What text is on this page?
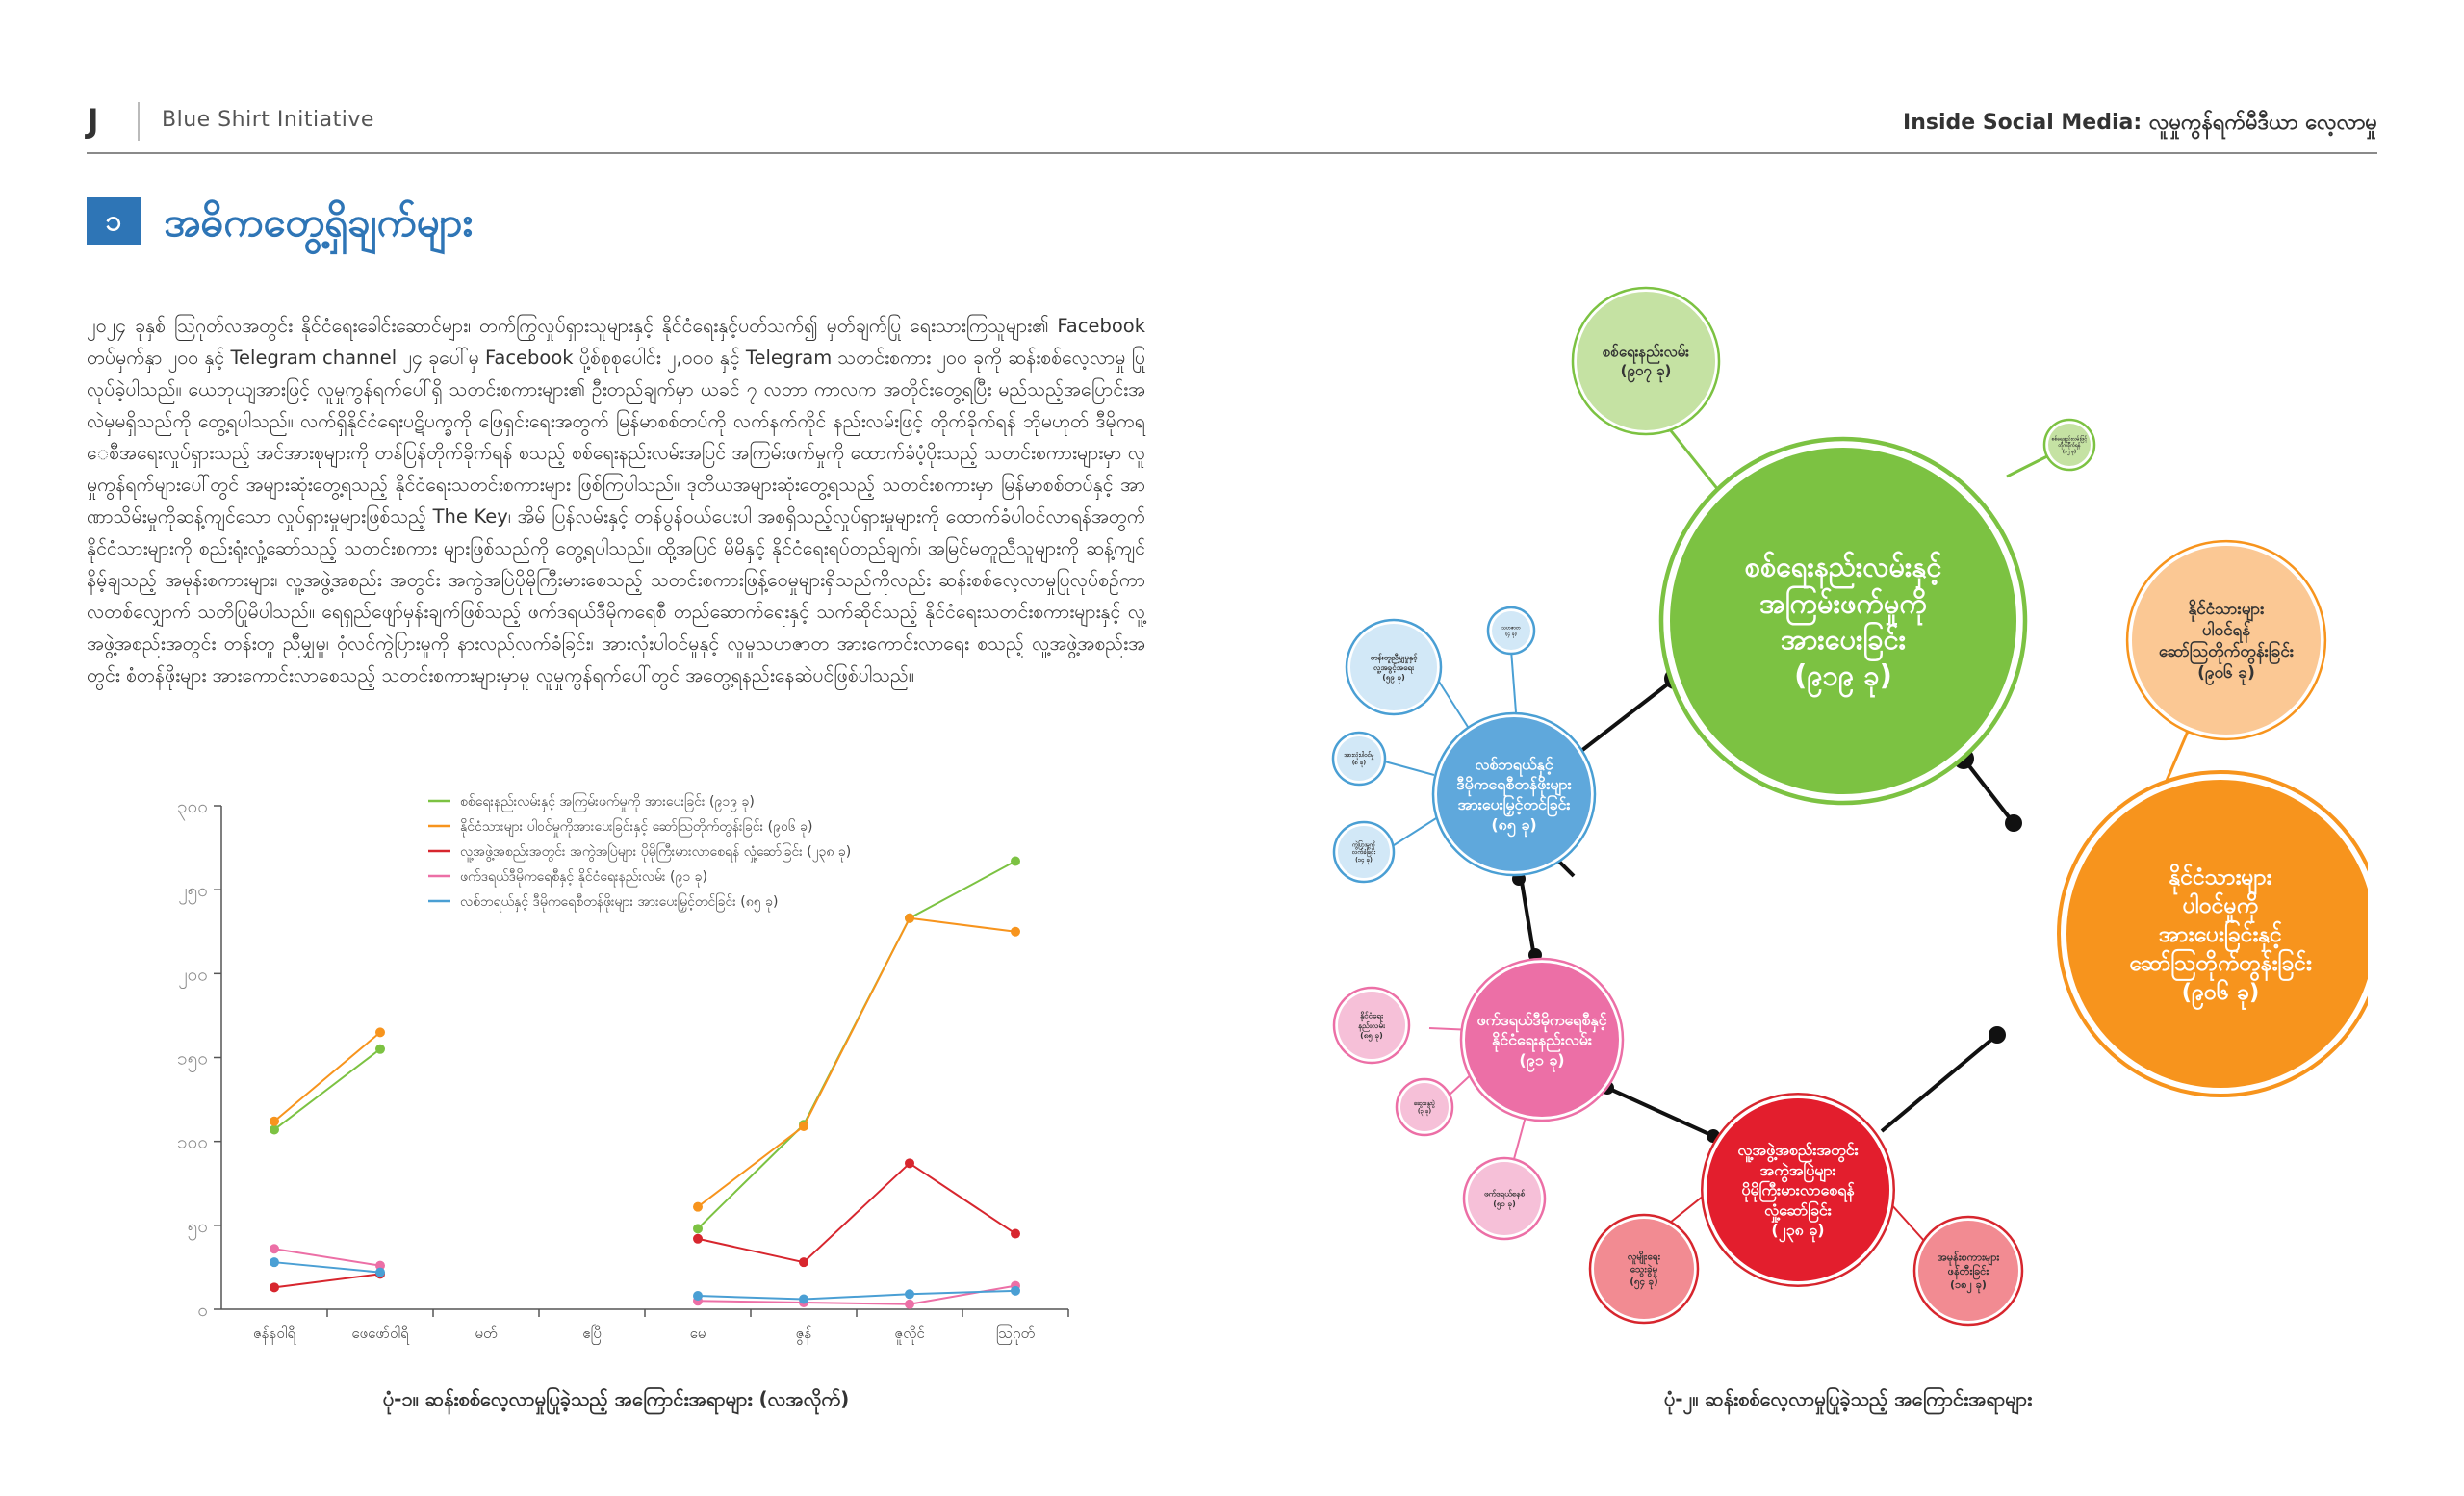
J	Blue Shirt Initiative	Inside Social Media: လူမှုကွန်ရက်မီဒီယာ လေ့လာမှု
၁	အဓိကတွေ့ရှိချက်များ
၂၀၂၄ ခုနှစ် ဩဂုတ်လအတွင်း နိုင်ငံရေးခေါင်းဆောင်များ၊ တက်ကြွလှုပ်ရှားသူများနှင့် နိုင်ငံရေးနှင့်ပတ်သက်၍ မှတ်ချက်ပြု ရေးသားကြသူများ၏ Facebook တပ်မှက်နှာ ၂၀၀ နှင့် Telegram channel ၂၄ ခုပေါ်မှ Facebook ပို့စ်စုစုပေါင်း ၂,၀၀၀ နှင့် Telegram သတင်းစကား ၂၀၀ ခုကို ဆန်းစစ်လေ့လာမှု ပြုလုပ်ခဲ့ပါသည်။ ယေဘုယျအားဖြင့် လူမှုကွန်ရက်ပေါ်ရှိ သတင်းစကားများ၏ ဦးတည်ချက်မှာ ယခင် ၇ လတာ ကာလက အတိုင်းတွေ့ရပြီး မည်သည့်အပြောင်းအလဲမှမရှိသည်ကို တွေ့ရပါသည်။ လက်ရှိနိုင်ငံရေးပဋိပက္ခကို ဖြေရှင်းရေးအတွက် မြန်မာစစ်တပ်ကို လက်နက်ကိုင် နည်းလမ်းဖြင့် တိုက်ခိုက်ရန် ဘိုမဟုတ် ဒီမိုကရေစီအရေးလှုပ်ရှားသည့် အင်အားစုများကို တန်ပြန်တိုက်ခိုက်ရန် စသည့် စစ်ရေးနည်းလမ်းအပြင် အကြမ်းဖက်မှုကို ထောက်ခံပံ့ပိုးသည့် သတင်းစကားများမှာ လူမှုကွန်ရက်များပေါ်တွင် အများဆုံးတွေ့ရသည့် နိုင်ငံရေးသတင်းစကားများ ဖြစ်ကြပါသည်။ ဒုတိယအများဆုံးတွေ့ရသည့် သတင်းစကားမှာ မြန်မာစစ်တပ်နှင့် အာဏာသိမ်းမှုကိုဆန့်ကျင်သော လှုပ်ရှားမှုများဖြစ်သည့် The Key၊ အိမ် ပြန်လမ်းနှင့် တန်ပွန်ဝယ်ပေးပါ အစရှိသည့်လှုပ်ရှားမှုများကို ထောက်ခံပါဝင်လာရန်အတွက် နိုင်ငံသားများကို စည်းရုံးလှုံ့ဆော်သည့် သတင်းစကား များဖြစ်သည်ကို တွေ့ရပါသည်။ ထို့အပြင် မိမိနှင့် နိုင်ငံရေးရပ်တည်ချက်၊ အမြင်မတူညီသူများကို ဆန့်ကျင်နိမ့်ချသည့် အမုန်းစကားများ၊ လူ့အဖွဲ့အစည်း အတွင်း အကွဲအပြဲပိုမိုကြီးမားစေသည့် သတင်းစကားဖြန့်ဝေမှုများရှိသည်ကိုလည်း ဆန်းစစ်လေ့လာမှုပြုလုပ်စဉ်ကာလတစ်လျှောက် သတိပြုမိပါသည်။ ရေရှည်ဖျော်မှန်းချက်ဖြစ်သည့် ဖက်ဒရယ်ဒီမိုကရေစီ တည်ဆောက်ရေးနှင့် သက်ဆိုင်သည့် နိုင်ငံရေးသတင်းစကားများနှင့် လူ့အဖွဲ့အစည်းအတွင်း တန်းတူ ညီမျှမှု၊ ဝုံလင်ကွဲပြားမှုကို နားလည်လက်ခံခြင်း၊ အားလုံးပါဝင်မှုနှင့် လူမှုသဟဇာတ အားကောင်းလာရေး စသည့် လူ့အဖွဲ့အစည်းအတွင်း စံတန်ဖိုးများ အားကောင်းလာစေသည့် သတင်းစကားများမှာမူ လူမှုကွန်ရက်ပေါ်တွင် အတွေ့ရနည်းနေဆဲပင်ဖြစ်ပါသည်။
၀
၅၀
၁၀၀
၁၅၀
၂၀၀
၂၅၀
၃၀၀
ဇန်နဝါရီ	ဖေဖော်ဝါရီ	မတ်	ဧပြီ	မေ	ဇွန်	ဇူလိုင်	ဩဂုတ်
စစ်ရေးနည်းလမ်းနှင့် အကြမ်းဖက်မှုကို အားပေးခြင်း (၉၁၉ ခု)
နိုင်ငံသားများ ပါဝင်မှုကိုအားပေးခြင်းနှင့် ဆော်ဩတိုက်တွန်းခြင်း (၉၀၆ ခု)
လူ့အဖွဲ့အစည်းအတွင်း အကွဲအပြဲများ ပိုမိုကြီးမားလာစေရန် လှုံ့ဆော်ခြင်း (၂၃၈ ခု)
ဖက်ဒရယ်ဒီမိုကရေစီနှင့် နိုင်ငံရေးနည်းလမ်း (၉၁ ခု)
လစ်ဘရယ်နှင့် ဒီမိုကရေစီတန်ဖိုးများ အားပေးမြှင့်တင်ခြင်း (၈၅ ခု)
စစ်ရေးနည်းလမ်း(၉၀၇ ခု)
စစ်ရေးနည်းလမ်းဖြင့်တိုက်ခိုက်ရန်(၁၂ ခု)
စစ်ရေးနည်းလမ်းနှင့်အကြမ်းဖက်မှုကိုအားပေးခြင်း(၉၁၉ ခု)
နိုင်ငံသားများပါဝင်ရန်ဆော်ဩတိုက်တွန်းခြင်း(၉၀၆ ခု)
နိုင်ငံသားများပါဝင်မှုကိုအားပေးခြင်းနှင့်ဆော်ဩတိုက်တွန်းခြင်း(၉၀၆ ခု)
လစ်ဘရယ်နှင့်ဒီမိုကရေစီတန်ဖိုးများအားပေးမြှင့်တင်ခြင်း(၈၅ ခု)
သဟဇာတ(၄ ခု)
တန်းတူညီမျှမှုနှင့်လူ့အခွင့်အရေး(၅၉ ခု)
အားလုံးပါဝင်မှု(၈ ခု)
ကွဲပြားမှုကိုလက်ခံခြင်း(၁၄ ခု)
ဖက်ဒရယ်ဒီမိုကရေစီနှင့်နိုင်ငံရေးနည်းလမ်း(၉၁ ခု)
နိုင်ငံရေးနည်းလမ်း(၈၅ ခု)
ဆွေးနွေးပွဲ(၃ ခု)
ဖက်ဒရယ်စနစ်(၅၁ ခု)
လူ့အဖွဲ့အစည်းအတွင်းအကွဲအပြဲများပိုမိုကြီးမားလာစေရန်လှုံ့ဆော်ခြင်း(၂၃၈ ခု)
လူမျိုးရေးသွေးခွဲမှု(၅၄ ခု)
အမုန်းစကားများဖန်တီးခြင်း(၁၈၂ ခု)
ပုံ-၁။ ဆန်းစစ်လေ့လာမှုပြုခဲ့သည့် အကြောင်းအရာများ (လအလိုက်)	ပုံ-၂။ ဆန်းစစ်လေ့လာမှုပြုခဲ့သည့် အကြောင်းအရာများ
